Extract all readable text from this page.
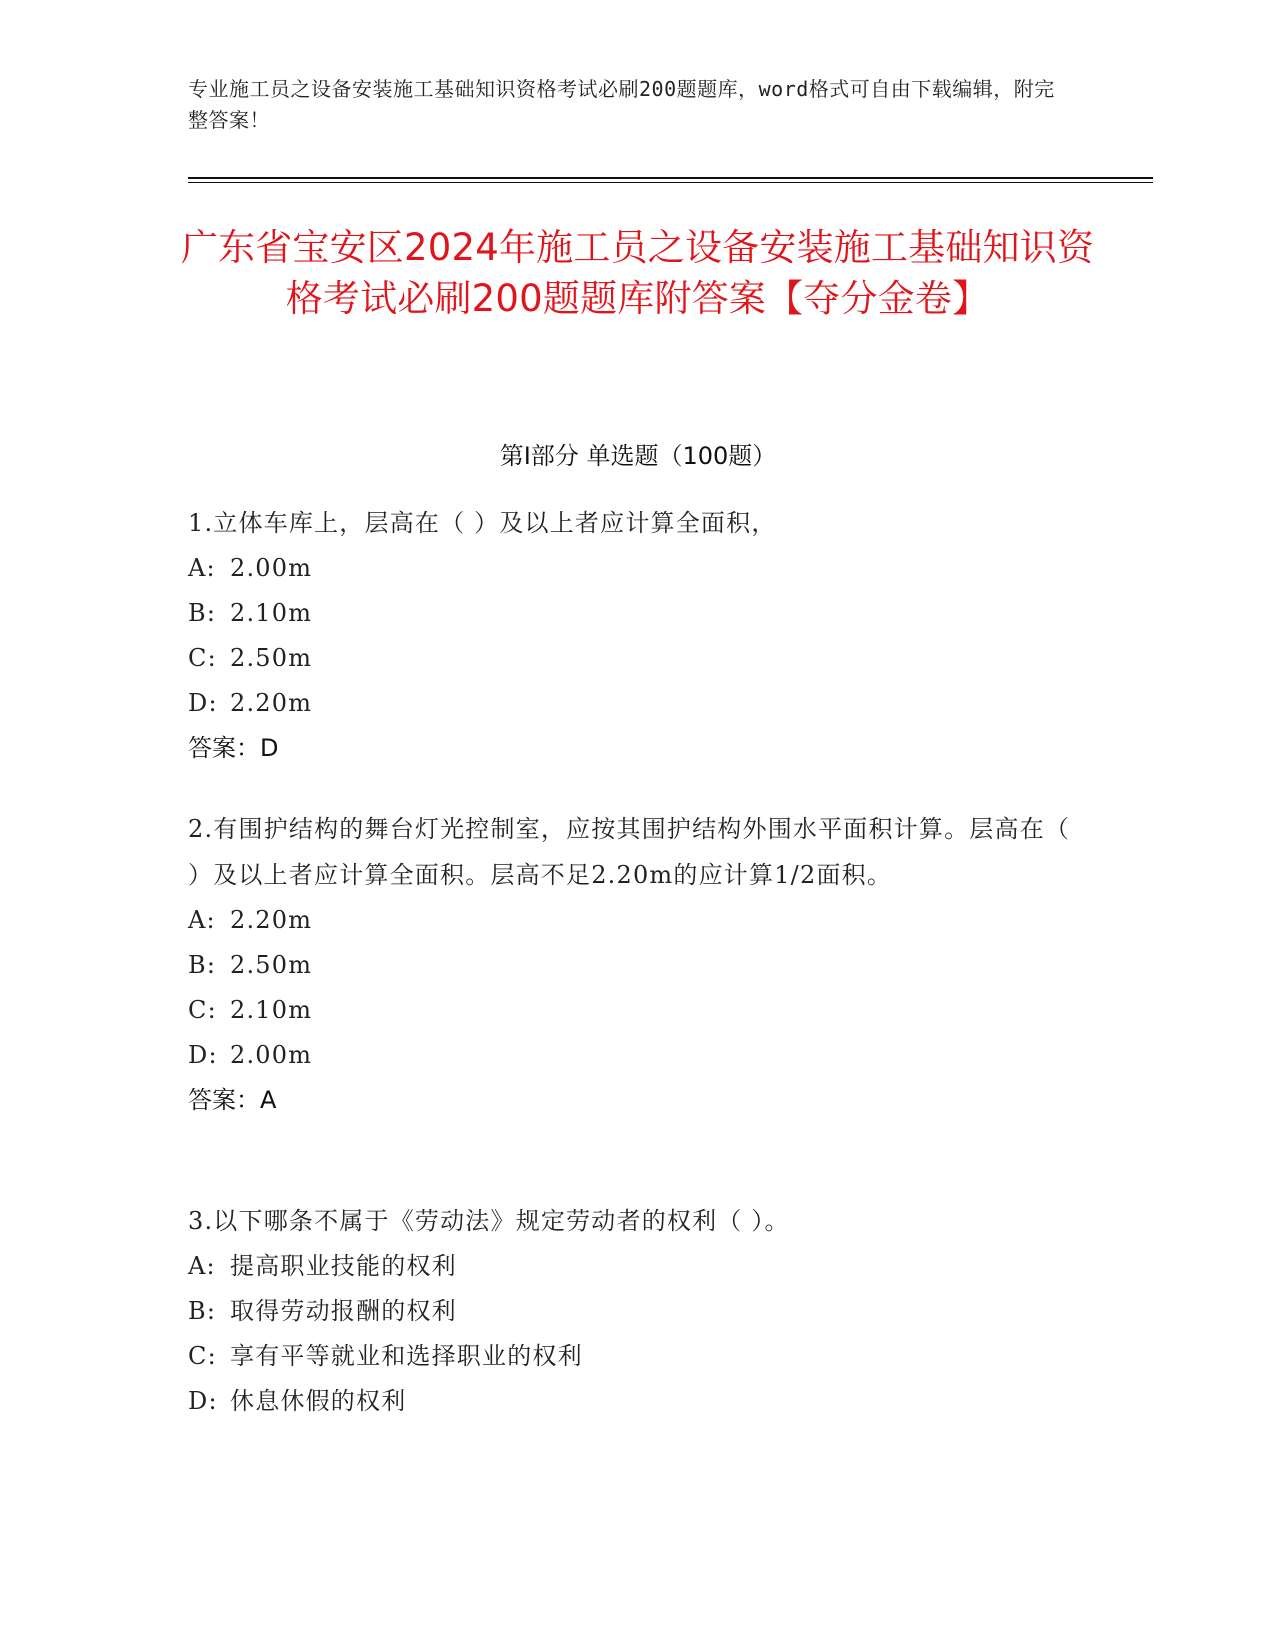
专业施工员之设备安装施工基础知识资格考试必刷200题题库，word格式可自由下载编辑，附完整答案！
广东省宝安区2024年施工员之设备安装施工基础知识资格考试必刷200题题库附答案【夺分金卷】
第Ⅰ部分 单选题（100题）

1.立体车库上，层高在（ ）及以上者应计算全面积，

A: 2.00m

B: 2.10m

C: 2.50m

D: 2.20m

答案：D

2.有围护结构的舞台灯光控制室，应按其围护结构外围水平面积计算。层高在（ ）及以上者应计算全面积。层高不足2.20m的应计算1/2面积。

A: 2.20m

B: 2.50m

C: 2.10m

D: 2.00m

答案：A

3.以下哪条不属于《劳动法》规定劳动者的权利（ ）。

A: 提高职业技能的权利

B: 取得劳动报酬的权利

C: 享有平等就业和选择职业的权利

D: 休息休假的权利
